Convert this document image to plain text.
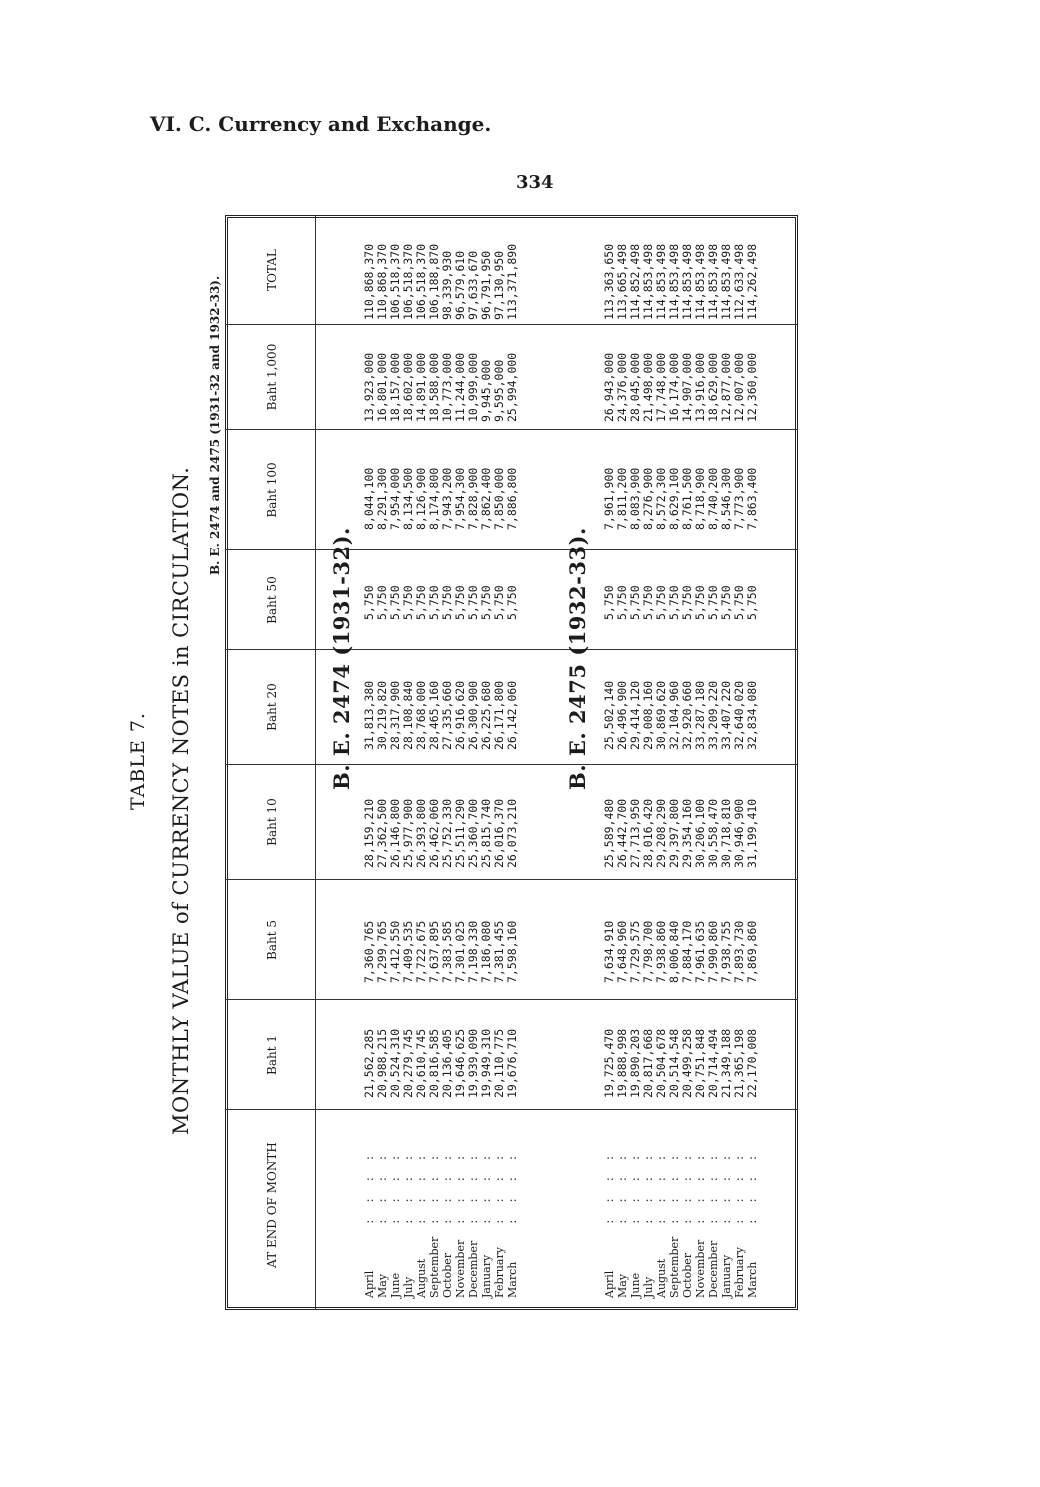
VI. C. Currency and Exchange.
334
TABLE 7. MONTHLY VALUE of CURRENCY NOTES in CIRCULATION.
B. E. 2474 and 2475 (1931-32 and 1932-33).
AT END OF MONTH
Baht 1
Baht 5
Baht 10
Baht 20
Baht 50
Baht 100
Baht 1,000
TOTAL
B. E. 2474 (1931-32).
April May June July August September October November December January February March
: : : : : : : : : : : : : : : : : : : : : : : : : : : : : : : : : : : : : : : : : : : : : : : :
21,562,285 20,988,215 20,524,310 20,279,745 20,610,745 20,816,585 20,136,405 19,646,625 19,939,090 19,949,310 20,110,775 19,676,710
7,360,765 7,299,765 7,412,550 7,409,535 7,722,675 7,637,895 7,383,585 7,301,025 7,198,330 7,186,080 7,381,455 7,598,160
28,159,210 27,362,500 26,146,800 25,977,900 26,393,800 26,462,060 25,752,330 25,511,290 25,360,700 25,815,740 26,016,370 26,073,210
31,813,380 30,219,820 28,317,900 28,108,840 28,768,000 28,465,160 27,335,660 26,916,620 26,300,900 26,225,680 26,171,800 26,142,060
5,750 5,750 5,750 5,750 5,750 5,750 5,750 5,750 5,750 5,750 5,750 5,750
8,044,100 8,291,300 7,954,000 8,134,500 8,126,900 8,174,800 7,943,200 7,954,300 7,828,900 7,862,400 7,850,000 7,886,800
13,923,000 16,801,000 18,157,000 18,602,000 14,891,000 18,588,000 10,773,000 11,244,000 10,999,000 9,945,000 9,595,000 25,994,000
110,868,370 110,868,370 106,518,370 106,518,370 106,518,370 106,188,870 98,339,930 96,579,610 97,633,670 96,791,950 97,130,950 113,371,890
B. E. 2475 (1932-33).
April May June July August September October November December January February March
: : : : : : : : : : : : : : : : : : : : : : : : : : : : : : : : : : : : : : : : : : : : : : : :
19,725,470 19,888,998 19,890,203 20,817,668 20,504,678 20,514,548 20,499,258 20,751,848 20,714,494 21,349,188 21,365,198 22,170,008
7,634,910 7,648,960 7,729,575 7,798,700 7,938,860 8,006,840 7,884,170 7,961,635 7,990,860 7,938,755 7,893,730 7,869,860
25,589,480 26,442,700 27,713,950 28,016,420 29,208,290 29,397,800 29,354,160 30,206,100 30,558,470 30,718,810 30,946,900 31,199,410
25,502,140 26,496,900 29,414,120 29,008,160 30,869,620 32,104,960 32,920,660 33,287,180 33,209,220 33,407,220 32,640,020 32,834,080
5,750 5,750 5,750 5,750 5,750 5,750 5,750 5,750 5,750 5,750 5,750 5,750
7,961,900 7,811,200 8,083,900 8,276,900 8,572,300 8,629,100 8,761,500 8,718,900 8,740,200 8,546,300 7,773,900 7,863,400
26,943,000 24,376,000 28,045,000 21,498,000 17,748,000 16,174,000 14,907,000 13,916,000 18,629,000 12,877,000 12,007,000 12,360,000
113,363,650 113,665,498 114,852,498 114,853,498 114,853,498 114,853,498 114,853,498 114,853,498 114,853,498 114,853,498 112,633,498 114,262,498
